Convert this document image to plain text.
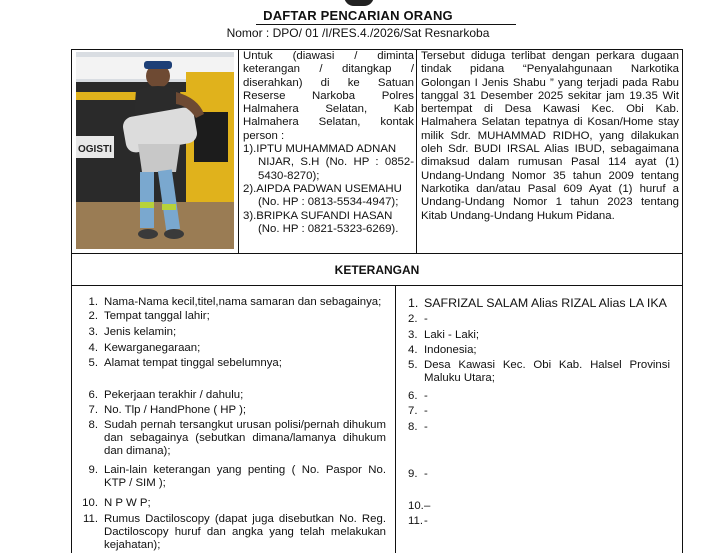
DAFTAR PENCARIAN ORANG
Nomor : DPO/ 01 /I/RES.4./2026/Sat Resnarkoba
OGISTI
Untuk (diawasi / diminta keterangan / ditangkap / diserahkan) di ke Satuan Reserse Narkoba Polres Halmahera Selatan, Kab Halmahera Selatan, kontak person :
1).IPTU MUHAMMAD ADNAN
NIJAR, S.H (No. HP : 0852-5430-8270);
2).AIPDA PADWAN USEMAHU
(No. HP : 0813-5534-4947);
3).BRIPKA SUFANDI HASAN
(No. HP : 0821-5323-6269).
Tersebut diduga terlibat dengan perkara dugaan tindak pidana “Penyalahgunaan Narkotika Golongan I Jenis Shabu ” yang terjadi pada Rabu tanggal 31 Desember 2025 sekitar jam 19.35 Wit bertempat di Desa Kawasi Kec. Obi Kab. Halmahera Selatan tepatnya di Kosan/Home stay milik Sdr. MUHAMMAD RIDHO, yang dilakukan oleh Sdr. BUDI IRSAL Alias IBUD, sebagaimana dimaksud dalam rumusan Pasal 114 ayat (1) Undang-Undang Nomor 35 tahun 2009 tentang Narkotika dan/atau Pasal 609 Ayat (1) huruf a Undang-Undang Nomor 1 tahun 2023 tentang Kitab Undang-Undang Hukum Pidana.
KETERANGAN
1. Nama-Nama kecil,titel,nama samaran dan sebagainya;
2. Tempat tanggal lahir;
3. Jenis kelamin;
4. Kewarganegaraan;
5. Alamat tempat tinggal sebelumnya;
6. Pekerjaan terakhir / dahulu;
7. No. Tlp / HandPhone ( HP );
8. Sudah pernah tersangkut urusan polisi/pernah dihukum dan sebagainya (sebutkan dimana/lamanya dihukum dan dimana);
9. Lain-lain keterangan yang penting ( No. Paspor No. KTP / SIM );
10. N P W P;
11. Rumus Dactiloscopy (dapat juga disebutkan No. Reg. Dactiloscopy huruf dan angka yang telah melakukan kejahatan);
1. SAFRIZAL SALAM Alias RIZAL Alias LA IKA
2. -
3. Laki - Laki;
4. Indonesia;
5. Desa Kawasi Kec. Obi Kab. Halsel Provinsi Maluku Utara;
6. -
7. -
8. -
9. -
10. –
11. -
